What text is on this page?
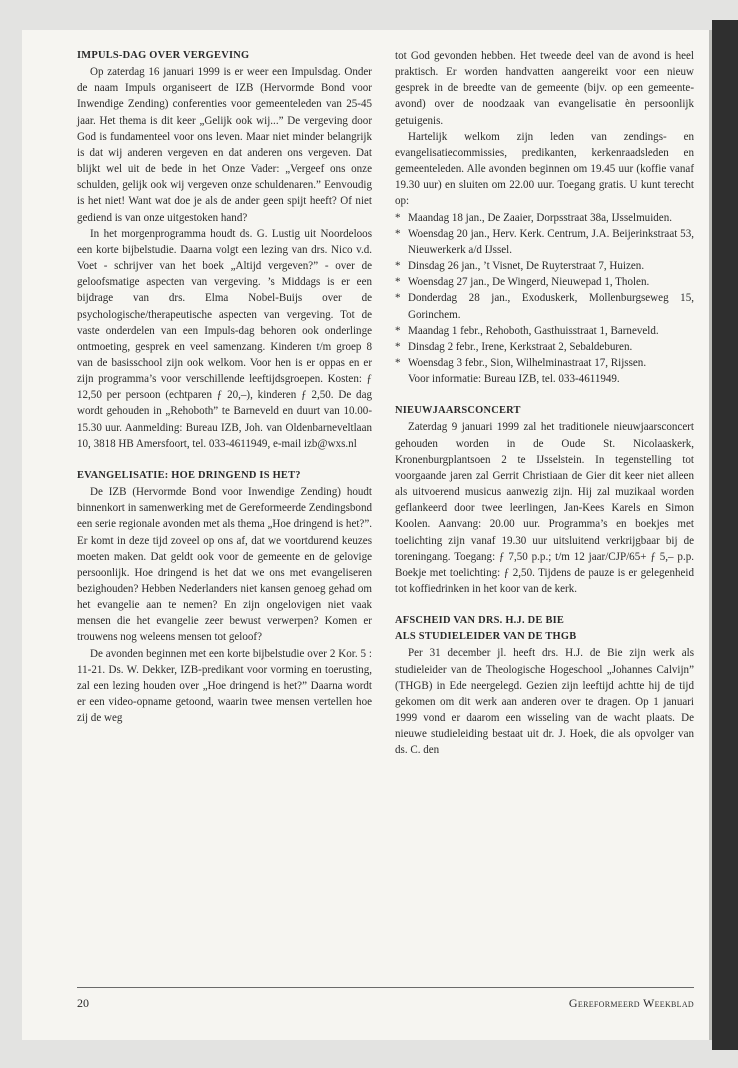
IMPULS-DAG OVER VERGEVING

Op zaterdag 16 januari 1999 is er weer een Impulsdag. Onder de naam Impuls organiseert de IZB (Hervormde Bond voor Inwendige Zending) conferenties voor gemeenteleden van 25-45 jaar. Het thema is dit keer „Gelijk ook wij...” De vergeving door God is fundamenteel voor ons leven. Maar niet minder belangrijk is dat wij anderen vergeven en dat anderen ons vergeven. Dat blijkt wel uit de bede in het Onze Vader: „Vergeef ons onze schulden, gelijk ook wij vergeven onze schuldenaren.” Eenvoudig is het niet! Want wat doe je als de ander geen spijt heeft? Of niet gediend is van onze uitgestoken hand?

In het morgenprogramma houdt ds. G. Lustig uit Noordeloos een korte bijbelstudie. Daarna volgt een lezing van drs. Nico v.d. Voet - schrijver van het boek „Altijd vergeven?” - over de geloofsmatige aspecten van vergeving. ’s Middags is er een bijdrage van drs. Elma Nobel-Buijs over de psychologische/therapeutische aspecten van vergeving. Tot de vaste onderdelen van een Impuls-dag behoren ook onderlinge ontmoeting, gesprek en veel samenzang. Kinderen t/m groep 8 van de basisschool zijn ook welkom. Voor hen is er oppas en er zijn programma’s voor verschillende leeftijdsgroepen. Kosten: ƒ 12,50 per persoon (echtparen ƒ 20,–), kinderen ƒ 2,50. De dag wordt gehouden in „Rehoboth” te Barneveld en duurt van 10.00-15.30 uur. Aanmelding: Bureau IZB, Joh. van Oldenbarneveltlaan 10, 3818 HB Amersfoort, tel. 033-4611949, e-mail izb@wxs.nl

EVANGELISATIE: HOE DRINGEND IS HET?

De IZB (Hervormde Bond voor Inwendige Zending) houdt binnenkort in samenwerking met de Gereformeerde Zendingsbond een serie regionale avonden met als thema „Hoe dringend is het?”. Er komt in deze tijd zoveel op ons af, dat we voortdurend keuzes moeten maken. Dat geldt ook voor de gemeente en de gelovige persoonlijk. Hoe dringend is het dat we ons met evangeliseren bezighouden? Hebben Nederlanders niet kansen genoeg gehad om het evangelie aan te nemen? En zijn ongelovigen niet vaak mensen die het evangelie zeer bewust verwerpen? Komen er trouwens nog weleens mensen tot geloof?

De avonden beginnen met een korte bijbelstudie over 2 Kor. 5 : 11-21. Ds. W. Dekker, IZB-predikant voor vorming en toerusting, zal een lezing houden over „Hoe dringend is het?” Daarna wordt er een video-opname getoond, waarin twee mensen vertellen hoe zij de weg

tot God gevonden hebben. Het tweede deel van de avond is heel praktisch. Er worden handvatten aangereikt voor een nieuw gesprek in de breedte van de gemeente (bijv. op een gemeente-avond) over de noodzaak van evangelisatie èn persoonlijk getuigenis.

Hartelijk welkom zijn leden van zendings- en evangelisatiecommissies, predikanten, kerkenraadsleden en gemeenteleden. Alle avonden beginnen om 19.45 uur (koffie vanaf 19.30 uur) en sluiten om 22.00 uur. Toegang gratis. U kunt terecht op:

* Maandag 18 jan., De Zaaier, Dorpsstraat 38a, IJsselmuiden.
* Woensdag 20 jan., Herv. Kerk. Centrum, J.A. Beijerinkstraat 53, Nieuwerkerk a/d IJssel.
* Dinsdag 26 jan., ’t Visnet, De Ruyterstraat 7, Huizen.
* Woensdag 27 jan., De Wingerd, Nieuwepad 1, Tholen.
* Donderdag 28 jan., Exoduskerk, Mollenburgseweg 15, Gorinchem.
* Maandag 1 febr., Rehoboth, Gasthuisstraat 1, Barneveld.
* Dinsdag 2 febr., Irene, Kerkstraat 2, Sebaldeburen.
* Woensdag 3 febr., Sion, Wilhelminastraat 17, Rijssen.

Voor informatie: Bureau IZB, tel. 033-4611949.

NIEUWJAARSCONCERT

Zaterdag 9 januari 1999 zal het traditionele nieuwjaarsconcert gehouden worden in de Oude St. Nicolaaskerk, Kronenburgplantsoen 2 te IJsselstein. In tegenstelling tot voorgaande jaren zal Gerrit Christiaan de Gier dit keer niet alleen als uitvoerend musicus aanwezig zijn. Hij zal muzikaal worden geflankeerd door twee leerlingen, Jan-Kees Karels en Simon Koolen. Aanvang: 20.00 uur. Programma’s en boekjes met toelichting zijn vanaf 19.30 uur uitsluitend verkrijgbaar bij de toreningang. Toegang: ƒ 7,50 p.p.; t/m 12 jaar/CJP/65+ ƒ 5,– p.p. Boekje met toelichting: ƒ 2,50. Tijdens de pauze is er gelegenheid tot koffiedrinken in het koor van de kerk.

AFSCHEID VAN DRS. H.J. DE BIE
ALS STUDIELEIDER VAN DE THGB

Per 31 december jl. heeft drs. H.J. de Bie zijn werk als studieleider van de Theologische Hogeschool „Johannes Calvijn” (THGB) in Ede neergelegd. Gezien zijn leeftijd achtte hij de tijd gekomen om dit werk aan anderen over te dragen. Op 1 januari 1999 vond er daarom een wisseling van de wacht plaats. De nieuwe studieleiding bestaat uit dr. J. Hoek, die als opvolger van ds. C. den

20	Gereformeerd Weekblad
